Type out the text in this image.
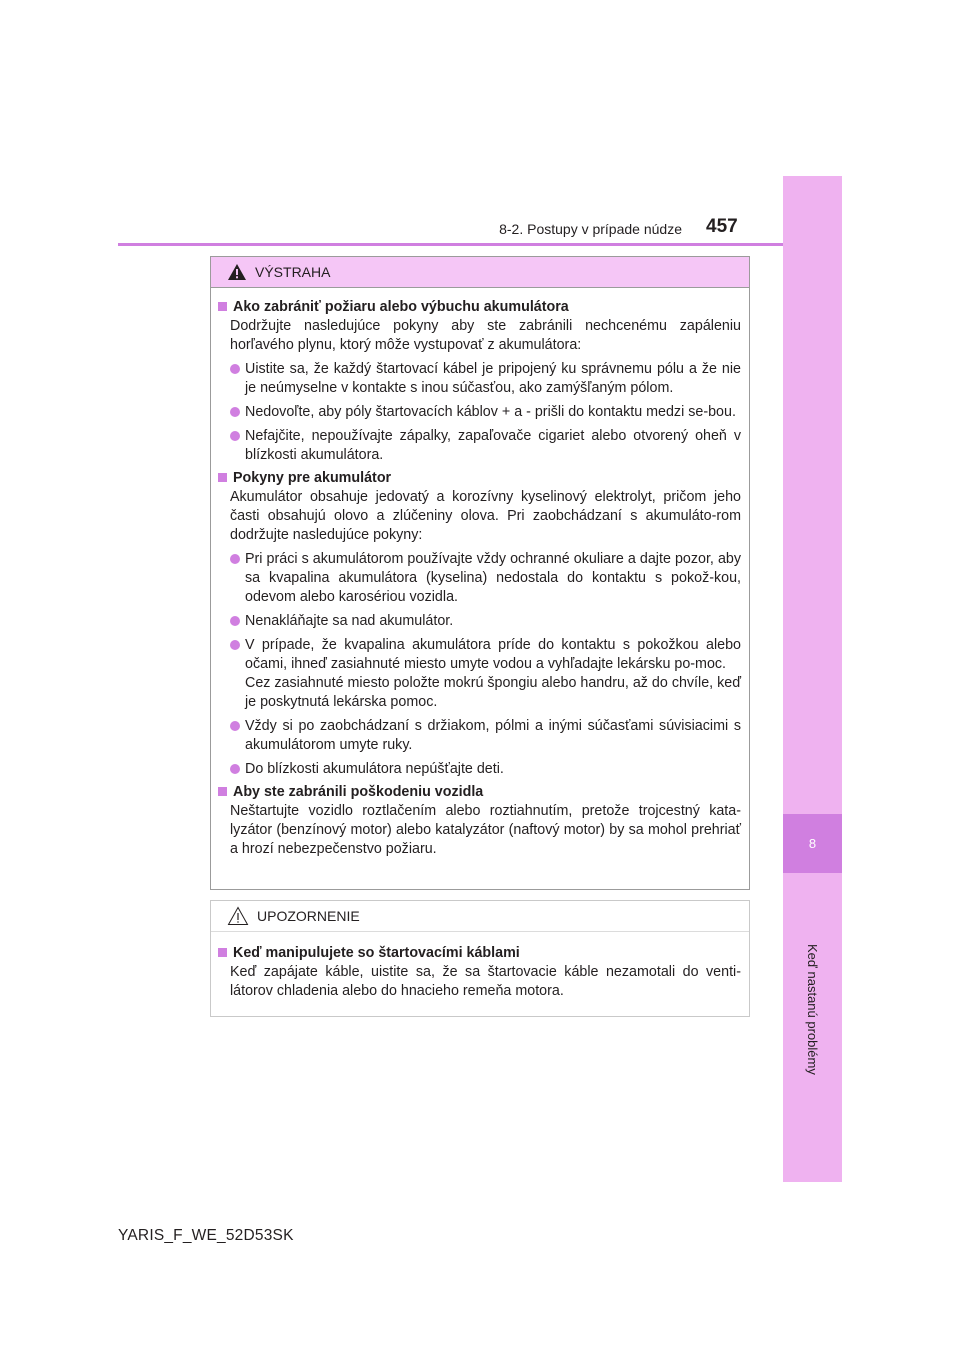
8
Keď nastanú problémy
8-2. Postupy v prípade núdze 457
VÝSTRAHA
Ako zabrániť požiaru alebo výbuchu akumulátora
Dodržujte nasledujúce pokyny aby ste zabránili nechcenému zapáleniu horľavého plynu, ktorý môže vystupovať z akumulátora:
Uistite sa, že každý štartovací kábel je pripojený ku správnemu pólu a že nie je neúmyselne v kontakte s inou súčasťou, ako zamýšľaným pólom.
Nedovoľte, aby póly štartovacích káblov + a - prišli do kontaktu medzi se-bou.
Nefajčite, nepoužívajte zápalky, zapaľovače cigariet alebo otvorený oheň v blízkosti akumulátora.
Pokyny pre akumulátor
Akumulátor obsahuje jedovatý a korozívny kyselinový elektrolyt, pričom jeho časti obsahujú olovo a zlúčeniny olova. Pri zaobchádzaní s akumuláto-rom dodržujte nasledujúce pokyny:
Pri práci s akumulátorom používajte vždy ochranné okuliare a dajte pozor, aby sa kvapalina akumulátora (kyselina) nedostala do kontaktu s pokož-kou, odevom alebo karosériou vozidla.
Nenakláňajte sa nad akumulátor.
V prípade, že kvapalina akumulátora príde do kontaktu s pokožkou alebo očami, ihneď zasiahnuté miesto umyte vodou a vyhľadajte lekársku po-moc.
Cez zasiahnuté miesto položte mokrú špongiu alebo handru, až do chvíle, keď je poskytnutá lekárska pomoc.
Vždy si po zaobchádzaní s držiakom, pólmi a inými súčasťami súvisiacimi s akumulátorom umyte ruky.
Do blízkosti akumulátora nepúšťajte deti.
Aby ste zabránili poškodeniu vozidla
Neštartujte vozidlo roztlačením alebo roztiahnutím, pretože trojcestný kata-lyzátor (benzínový motor) alebo katalyzátor (naftový motor) by sa mohol prehriať a hrozí nebezpečenstvo požiaru.
UPOZORNENIE
Keď manipulujete so štartovacími káblami
Keď zapájate káble, uistite sa, že sa štartovacie káble nezamotali do venti-látorov chladenia alebo do hnacieho remeňa motora.
YARIS_F_WE_52D53SK
